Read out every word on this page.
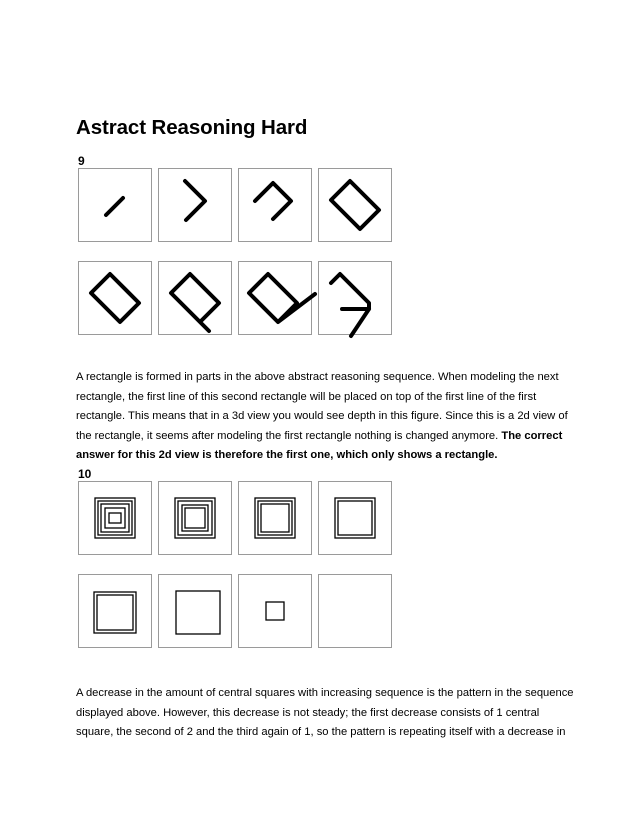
Astract Reasoning Hard
9

A rectangle is formed in parts in the above abstract reasoning sequence. When modeling the next
rectangle, the first line of this second rectangle will be placed on top of the first line of the first
rectangle. This means that in a 3d view you would see depth in this figure. Since this is a 2d view of
the rectangle, it seems after modeling the first rectangle nothing is changed anymore. The correct
answer for this 2d view is therefore the first one, which only shows a rectangle.

10

A decrease in the amount of central squares with increasing sequence is the pattern in the sequence
displayed above. However, this decrease is not steady; the first decrease consists of 1 central
square, the second of 2 and the third again of 1, so the pattern is repeating itself with a decrease in
